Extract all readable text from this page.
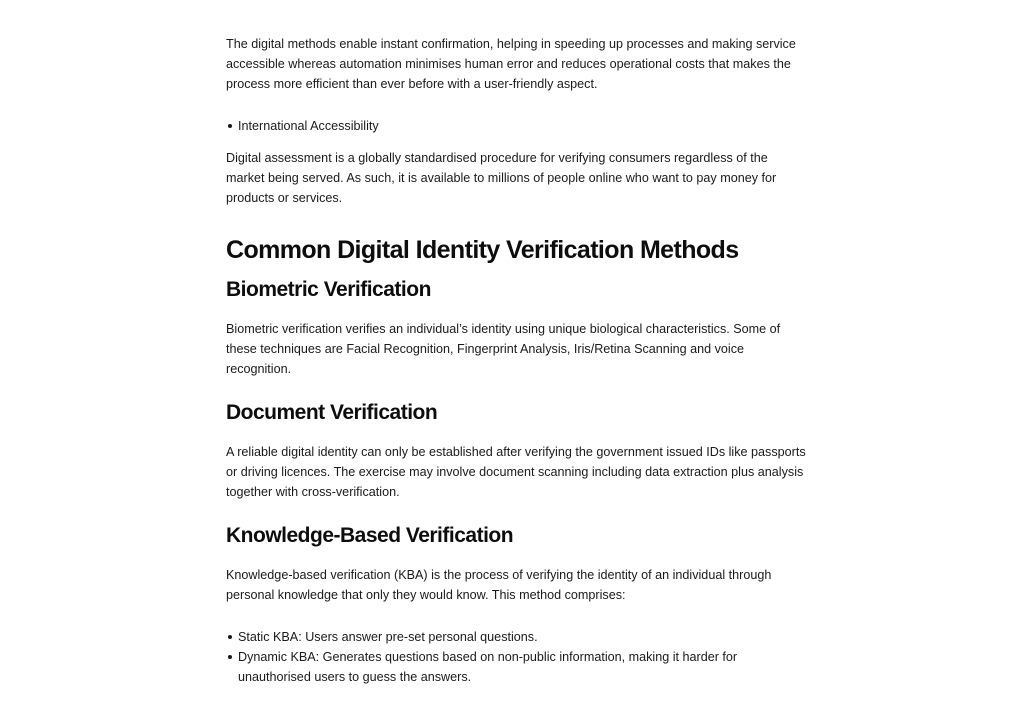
The digital methods enable instant confirmation, helping in speeding up processes and making service accessible whereas automation minimises human error and reduces operational costs that makes the process more efficient than ever before with a user-friendly aspect.

International Accessibility

Digital assessment is a globally standardised procedure for verifying consumers regardless of the market being served. As such, it is available to millions of people online who want to pay money for products or services.

Common Digital Identity Verification Methods
Biometric Verification

Biometric verification verifies an individual’s identity using unique biological characteristics. Some of these techniques are Facial Recognition, Fingerprint Analysis, Iris/Retina Scanning and voice recognition.

Document Verification

A reliable digital identity can only be established after verifying the government issued IDs like passports or driving licences. The exercise may involve document scanning including data extraction plus analysis together with cross-verification.

Knowledge-Based Verification

Knowledge-based verification (KBA) is the process of verifying the identity of an individual through personal knowledge that only they would know. This method comprises:

Static KBA: Users answer pre-set personal questions.
Dynamic KBA: Generates questions based on non-public information, making it harder for unauthorised users to guess the answers.
